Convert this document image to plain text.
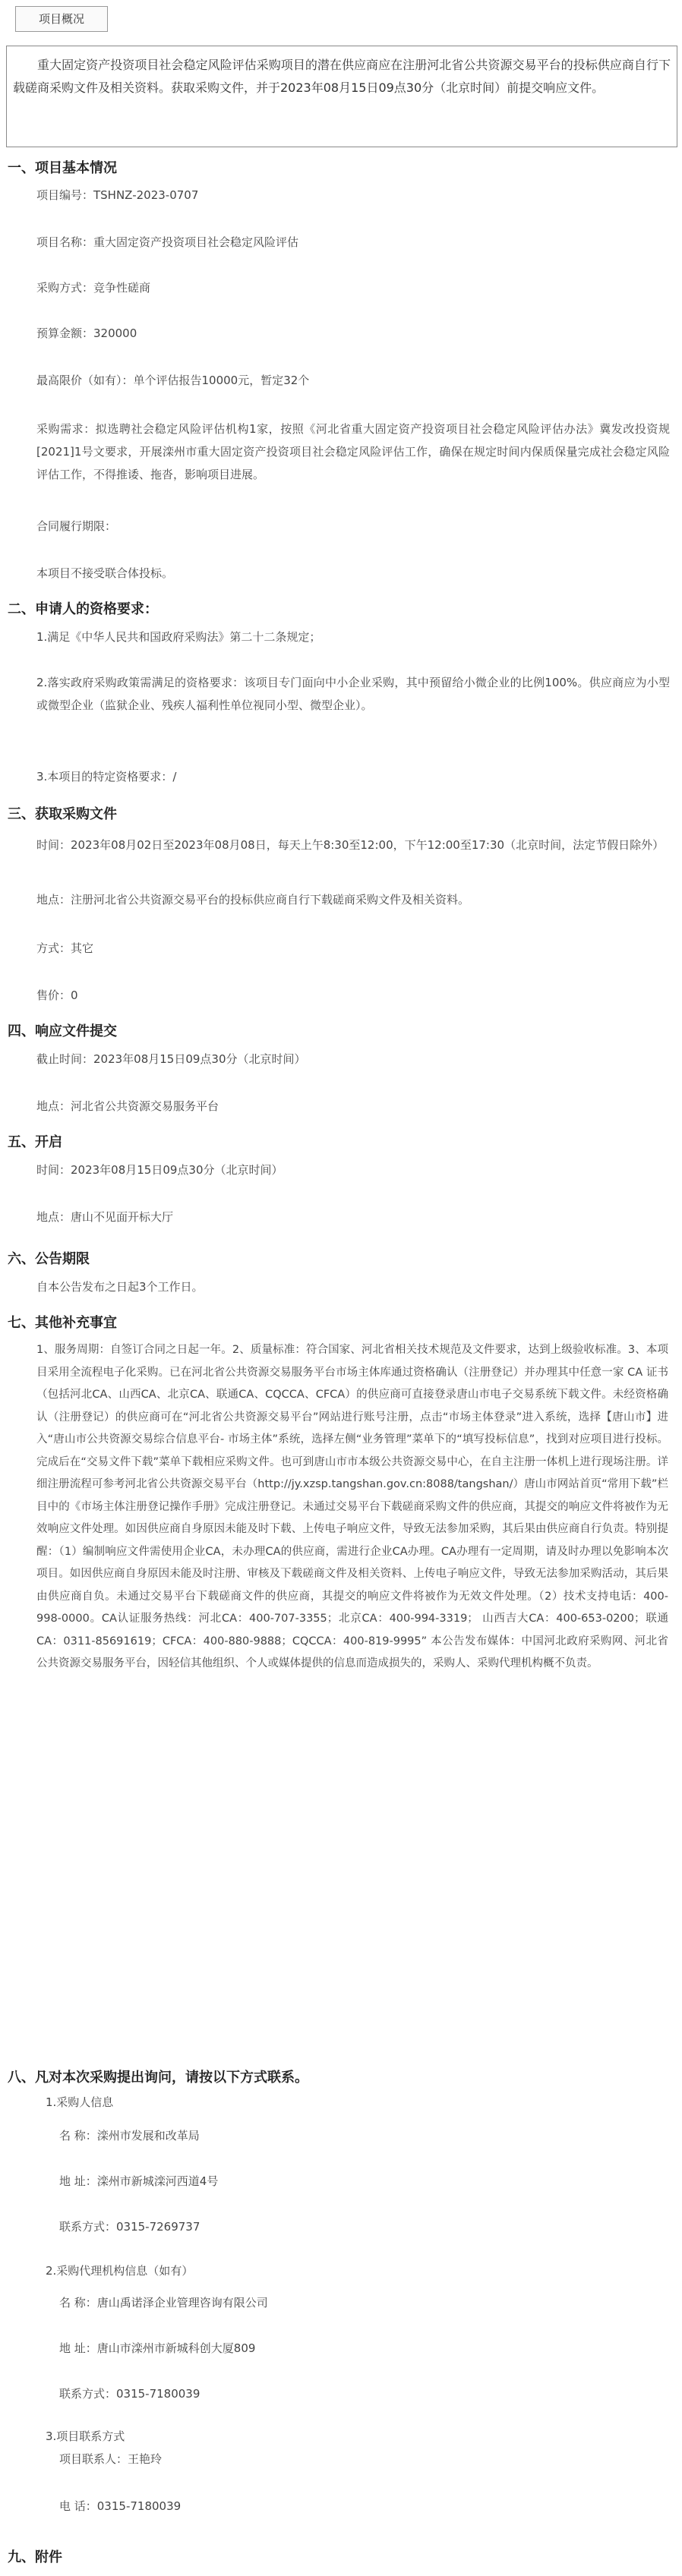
项目概况
重大固定资产投资项目社会稳定风险评估采购项目的潜在供应商应在注册河北省公共资源交易平台的投标供应商自行下载磋商采购文件及相关资料。获取采购文件，并于2023年08月15日09点30分（北京时间）前提交响应文件。
一、项目基本情况
项目编号：TSHNZ-2023-0707
项目名称：重大固定资产投资项目社会稳定风险评估
采购方式：竞争性磋商
预算金额：320000
最高限价（如有）：单个评估报告10000元，暂定32个
采购需求：拟选聘社会稳定风险评估机构1家，按照《河北省重大固定资产投资项目社会稳定风险评估办法》冀发改投资规[2021]1号文要求，开展滦州市重大固定资产投资项目社会稳定风险评估工作，确保在规定时间内保质保量完成社会稳定风险评估工作，不得推诿、拖沓，影响项目进展。
合同履行期限：
本项目不接受联合体投标。
二、申请人的资格要求：
1.满足《中华人民共和国政府采购法》第二十二条规定；
2.落实政府采购政策需满足的资格要求：该项目专门面向中小企业采购，其中预留给小微企业的比例100%。供应商应为小型或微型企业（监狱企业、残疾人福利性单位视同小型、微型企业）。
3.本项目的特定资格要求：/
三、获取采购文件
时间：2023年08月02日至2023年08月08日，每天上午8:30至12:00，下午12:00至17:30（北京时间，法定节假日除外）
地点：注册河北省公共资源交易平台的投标供应商自行下载磋商采购文件及相关资料。
方式：其它
售价：0
四、响应文件提交
截止时间：2023年08月15日09点30分（北京时间）
地点：河北省公共资源交易服务平台
五、开启
时间：2023年08月15日09点30分（北京时间）
地点：唐山不见面开标大厅
六、公告期限
自本公告发布之日起3个工作日。
七、其他补充事宜
1、服务周期：自签订合同之日起一年。2、质量标准：符合国家、河北省相关技术规范及文件要求，达到上级验收标准。3、本项目采用全流程电子化采购。已在河北省公共资源交易服务平台市场主体库通过资格确认（注册登记）并办理其中任意一家 CA 证书（包括河北CA、山西CA、北京CA、联通CA、CQCCA、CFCA）的供应商可直接登录唐山市电子交易系统下载文件。未经资格确认（注册登记）的供应商可在“河北省公共资源交易平台”网站进行账号注册，点击“市场主体登录”进入系统，选择【唐山市】进入“唐山市公共资源交易综合信息平台- 市场主体”系统，选择左侧“业务管理”菜单下的“填写投标信息”，找到对应项目进行投标。完成后在“交易文件下载”菜单下载相应采购文件。也可到唐山市市本级公共资源交易中心，在自主注册一体机上进行现场注册。详细注册流程可参考河北省公共资源交易平台（http://jy.xzsp.tangshan.gov.cn:8088/tangshan/）唐山市网站首页“常用下载”栏目中的《市场主体注册登记操作手册》完成注册登记。未通过交易平台下载磋商采购文件的供应商，其提交的响应文件将被作为无效响应文件处理。如因供应商自身原因未能及时下载、上传电子响应文件，导致无法参加采购，其后果由供应商自行负责。特别提醒：（1）编制响应文件需使用企业CA，未办理CA的供应商，需进行企业CA办理。CA办理有一定周期，请及时办理以免影响本次项目。如因供应商自身原因未能及时注册、审核及下载磋商文件及相关资料、上传电子响应文件，导致无法参加采购活动，其后果由供应商自负。未通过交易平台下载磋商文件的供应商，其提交的响应文件将被作为无效文件处理。（2）技术支持电话：400-998-0000。CA认证服务热线：河北CA：400-707-3355；北京CA：400-994-3319； 山西吉大CA：400-653-0200；联通CA：0311-85691619；CFCA：400-880-9888；CQCCA：400-819-9995” 本公告发布媒体：中国河北政府采购网、河北省公共资源交易服务平台，因轻信其他组织、个人或媒体提供的信息而造成损失的，采购人、采购代理机构概不负责。
八、凡对本次采购提出询问，请按以下方式联系。
1.采购人信息
名 称：滦州市发展和改革局
地 址：滦州市新城滦河西道4号
联系方式：0315-7269737
2.采购代理机构信息（如有）
名 称：唐山禹诺泽企业管理咨询有限公司
地 址：唐山市滦州市新城科创大厦809
联系方式：0315-7180039
3.项目联系方式
项目联系人：王艳玲
电 话：0315-7180039
九、附件
